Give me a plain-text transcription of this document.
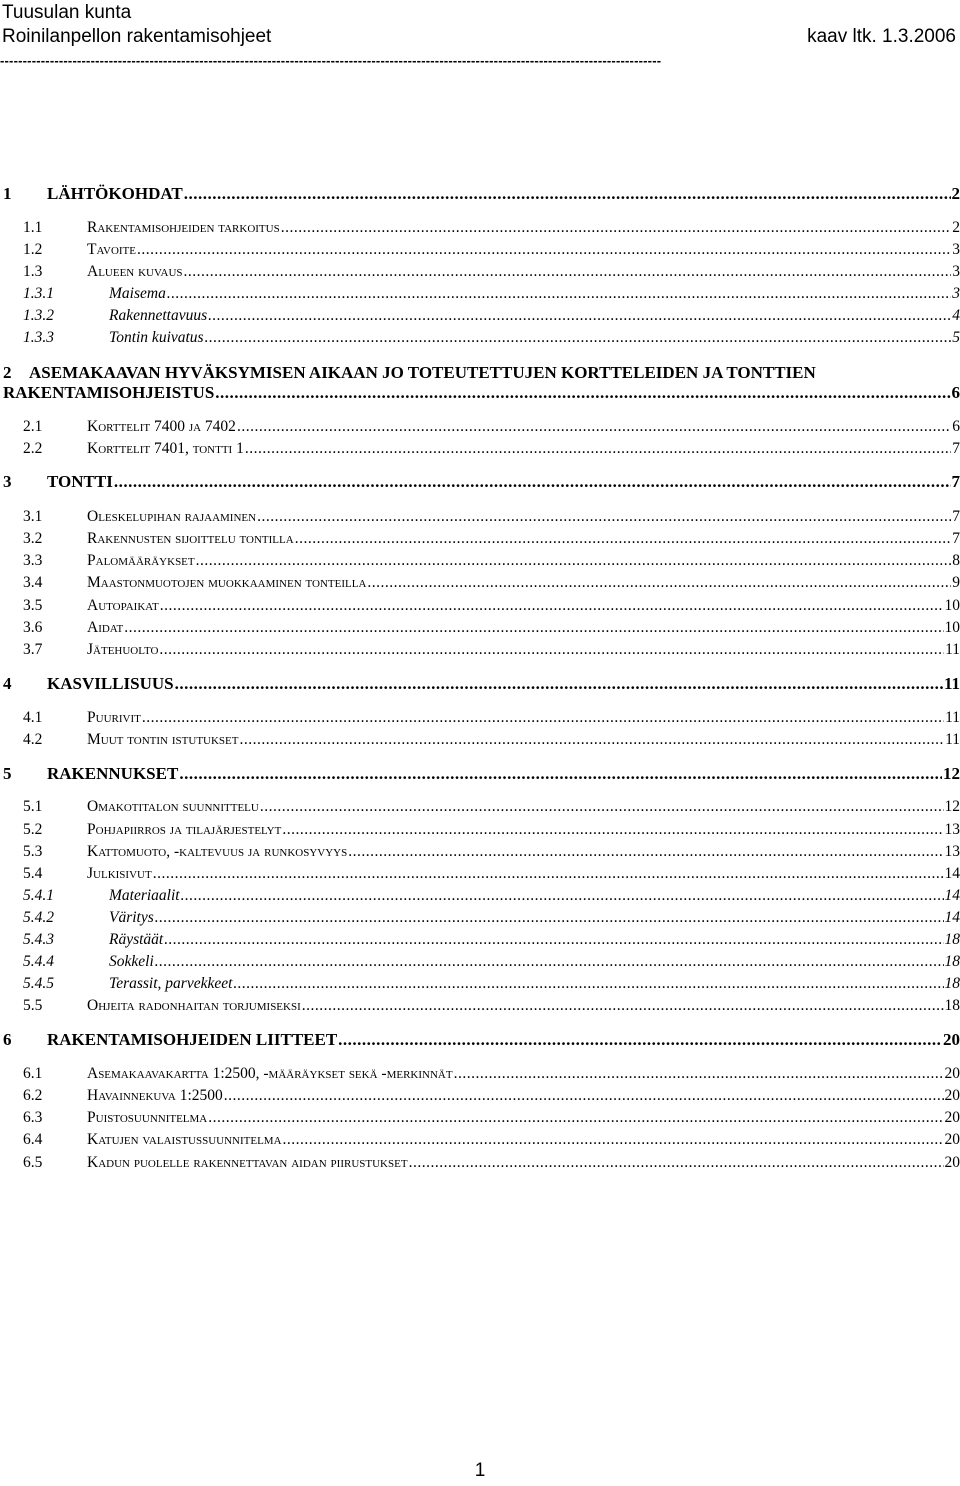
Tuusulan kunta
Roinilanpellon rakentamisohjeet	kaav ltk. 1.3.2006
--------------------------------------------------------------------------------------------------------------------------------------------------
1	LÄHTÖKOHDAT .....	2
1.1	Rakentamisohjeiden tarkoitus .....	2
1.2	Tavoite .....	3
1.3	Alueen kuvaus .....	3
1.3.1	Maisema .....	3
1.3.2	Rakennettavuus .....	4
1.3.3	Tontin kuivatus .....	5
2 ASEMAKAAVAN HYVÄKSYMISEN AIKAAN JO TOTEUTETTUJEN KORTTELEIDEN JA TONTTIEN
RAKENTAMISOHJEISTUS .....	6
2.1	Korttelit 7400 ja 7402 .....	6
2.2	Korttelit 7401, tontti 1 .....	7
3	TONTTI .....	7
3.1	Oleskelupihan rajaaminen .....	7
3.2	Rakennusten sijoittelu tontilla .....	7
3.3	Palomääräykset .....	8
3.4	Maastonmuotojen muokkaaminen tonteilla .....	9
3.5	Autopaikat .....	10
3.6	Aidat .....	10
3.7	Jätehuolto .....	11
4	KASVILLISUUS .....	11
4.1	Puurivit .....	11
4.2	Muut tontin istutukset .....	11
5	RAKENNUKSET .....	12
5.1	Omakotitalon suunnittelu .....	12
5.2	Pohjapiirros ja tilajärjestelyt .....	13
5.3	Kattomuoto, -kaltevuus ja runkosyvyys .....	13
5.4	Julkisivut .....	14
5.4.1	Materiaalit .....	14
5.4.2	Väritys .....	14
5.4.3	Räystäät .....	18
5.4.4	Sokkeli .....	18
5.4.5	Terassit, parvekkeet .....	18
5.5	Ohjeita radonhaitan torjumiseksi .....	18
6	RAKENTAMISOHJEIDEN LIITTEET .....	20
6.1	Asemakaavakartta 1:2500, -määräykset sekä -merkinnät .....	20
6.2	Havainnekuva 1:2500 .....	20
6.3	Puistosuunnitelma .....	20
6.4	Katujen valaistussuunnitelma .....	20
6.5	Kadun puolelle rakennettavan aidan piirustukset .....	20
1
